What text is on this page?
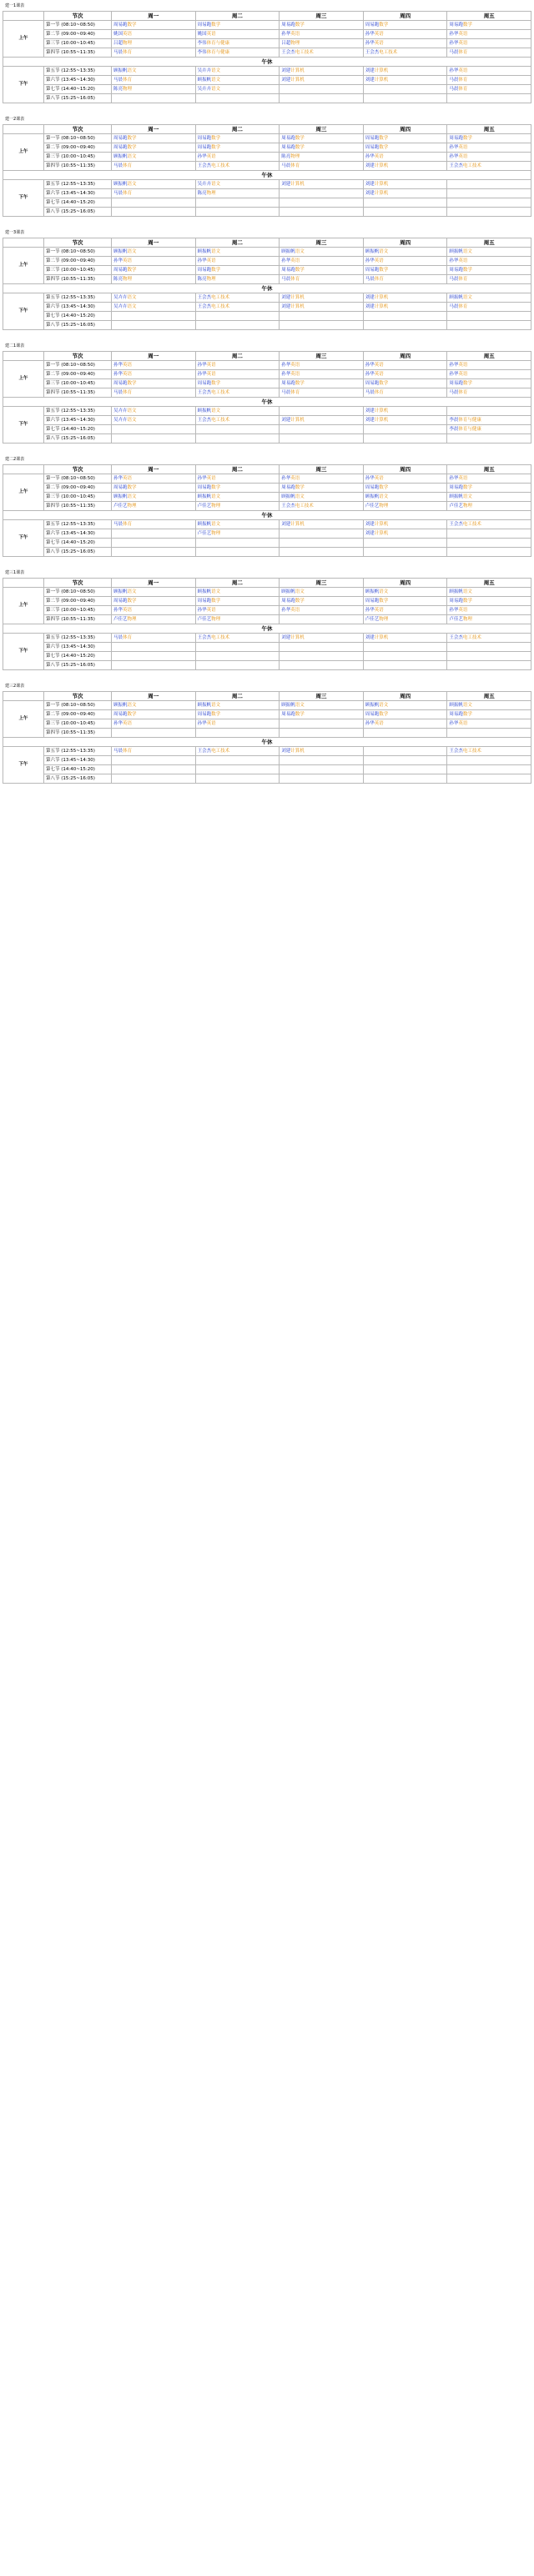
建一1课表
	节次	周一	周二	周三	周四	周五
上午	第一节 (08:10~08:50)	周易跑数学	周易跑数学	周易跑数学	周易跑数学	周易跑数学
	第二节 (09:00~09:40)	姚国英语	姚国英语	孙华英语	孙华英语	孙华英语
	第三节 (10:00~10:45)	吕超物理	李伟体育与健康	吕超物理	孙华英语	孙华英语
	第四节 (10:55~11:35)	马晨体育	李伟体育与健康	王会杰电工技术	王会杰电工技术	马晨体育
午休						
下午	第五节 (12:55~13:35)	顾振帆语文	吴卉卉语文	刘建计算机	刘建计算机	孙华英语
	第六节 (13:45~14:30)	马晨体育	顾振帆语文	刘建计算机	刘建计算机	马晨体育
	第七节 (14:40~15:20)	陈亮物理	吴卉卉语文			马晨体育
	第八节 (15:25~16:05)					
建一2课表
	节次	周一	周二	周三	周四	周五
上午	第一节 (08:10~08:50)	周易跑数学	周易跑数学	周易跑数学	周易跑数学	周易跑数学
	第二节 (09:00~09:40)	周易跑数学	周易跑数学	周易跑数学	周易跑数学	孙华英语
	第三节 (10:00~10:45)	顾振帆语文	孙华英语	陈亮物理	孙华英语	孙华英语
	第四节 (10:55~11:35)	马晨体育	王会杰电工技术	马晨体育	刘建计算机	王会杰电工技术
午休						
下午	第五节 (12:55~13:35)	顾振帆语文	吴卉卉语文	刘建计算机	刘建计算机	
	第六节 (13:45~14:30)	马晨体育	陈亮物理		刘建计算机	
	第七节 (14:40~15:20)					
	第八节 (15:25~16:05)					
建一3课表
	节次	周一	周二	周三	周四	周五
上午	第一节 (08:10~08:50)	顾振帆语文	顾振帆语文	顾振帆语文	顾振帆语文	顾振帆语文
	第二节 (09:00~09:40)	孙华英语	孙华英语	孙华英语	孙华英语	孙华英语
	第三节 (10:00~10:45)	周易跑数学	周易跑数学	周易跑数学	周易跑数学	周易跑数学
	第四节 (10:55~11:35)	陈亮物理	陈亮物理	马晨体育	马晨体育	马晨体育
午休						
下午	第五节 (12:55~13:35)	吴卉卉语文	王会杰电工技术	刘建计算机	刘建计算机	顾振帆语文
	第六节 (13:45~14:30)	吴卉卉语文	王会杰电工技术	刘建计算机	刘建计算机	马晨体育
	第七节 (14:40~15:20)					
	第八节 (15:25~16:05)					
建二1课表
	节次	周一	周二	周三	周四	周五
上午	第一节 (08:10~08:50)	孙华英语	孙华英语	孙华英语	孙华英语	孙华英语
	第二节 (09:00~09:40)	孙华英语	孙华英语	孙华英语	孙华英语	孙华英语
	第三节 (10:00~10:45)	周易跑数学	周易跑数学	周易跑数学	周易跑数学	周易跑数学
	第四节 (10:55~11:35)	马晨体育	王会杰电工技术	马晨体育	马晨体育	马晨体育
午休						
下午	第五节 (12:55~13:35)	吴卉卉语文	顾振帆语文		刘建计算机	
	第六节 (13:45~14:30)	吴卉卉语文	王会杰电工技术	刘建计算机	刘建计算机	李晨体育与健康
	第七节 (14:40~15:20)					李晨体育与健康
	第八节 (15:25~16:05)					
建二2课表
	节次	周一	周二	周三	周四	周五
上午	第一节 (08:10~08:50)	孙华英语	孙华英语	孙华英语	孙华英语	孙华英语
	第二节 (09:00~09:40)	周易跑数学	周易跑数学	周易跑数学	周易跑数学	周易跑数学
	第三节 (10:00~10:45)	顾振帆语文	顾振帆语文	顾振帆语文	顾振帆语文	顾振帆语文
	第四节 (10:55~11:35)	卢佳艺物理	卢佳艺物理	王会杰电工技术	卢佳艺物理	卢佳艺物理
午休						
下午	第五节 (12:55~13:35)	马晨体育	顾振帆语文	刘建计算机	刘建计算机	王会杰电工技术
	第六节 (13:45~14:30)		卢佳艺物理		刘建计算机	
	第七节 (14:40~15:20)					
	第八节 (15:25~16:05)					
建三1课表
	节次	周一	周二	周三	周四	周五
上午	第一节 (08:10~08:50)	顾振帆语文	顾振帆语文	顾振帆语文	顾振帆语文	顾振帆语文
	第二节 (09:00~09:40)	周易跑数学	周易跑数学	周易跑数学	周易跑数学	周易跑数学
	第三节 (10:00~10:45)	孙华英语	孙华英语	孙华英语	孙华英语	孙华英语
	第四节 (10:55~11:35)	卢佳艺物理	卢佳艺物理		卢佳艺物理	卢佳艺物理
午休						
下午	第五节 (12:55~13:35)	马晨体育	王会杰电工技术	刘建计算机	刘建计算机	王会杰电工技术
	第六节 (13:45~14:30)					
	第七节 (14:40~15:20)					
	第八节 (15:25~16:05)					
建三2课表
	节次	周一	周二	周三	周四	周五
上午	第一节 (08:10~08:50)	顾振帆语文	顾振帆语文	顾振帆语文	顾振帆语文	顾振帆语文
	第二节 (09:00~09:40)	周易跑数学	周易跑数学	周易跑数学	周易跑数学	周易跑数学
	第三节 (10:00~10:45)	孙华英语	孙华英语		孙华英语	孙华英语
	第四节 (10:55~11:35)					
午休						
下午	第五节 (12:55~13:35)	马晨体育	王会杰电工技术	刘建计算机		王会杰电工技术
	第六节 (13:45~14:30)					
	第七节 (14:40~15:20)					
	第八节 (15:25~16:05)					
